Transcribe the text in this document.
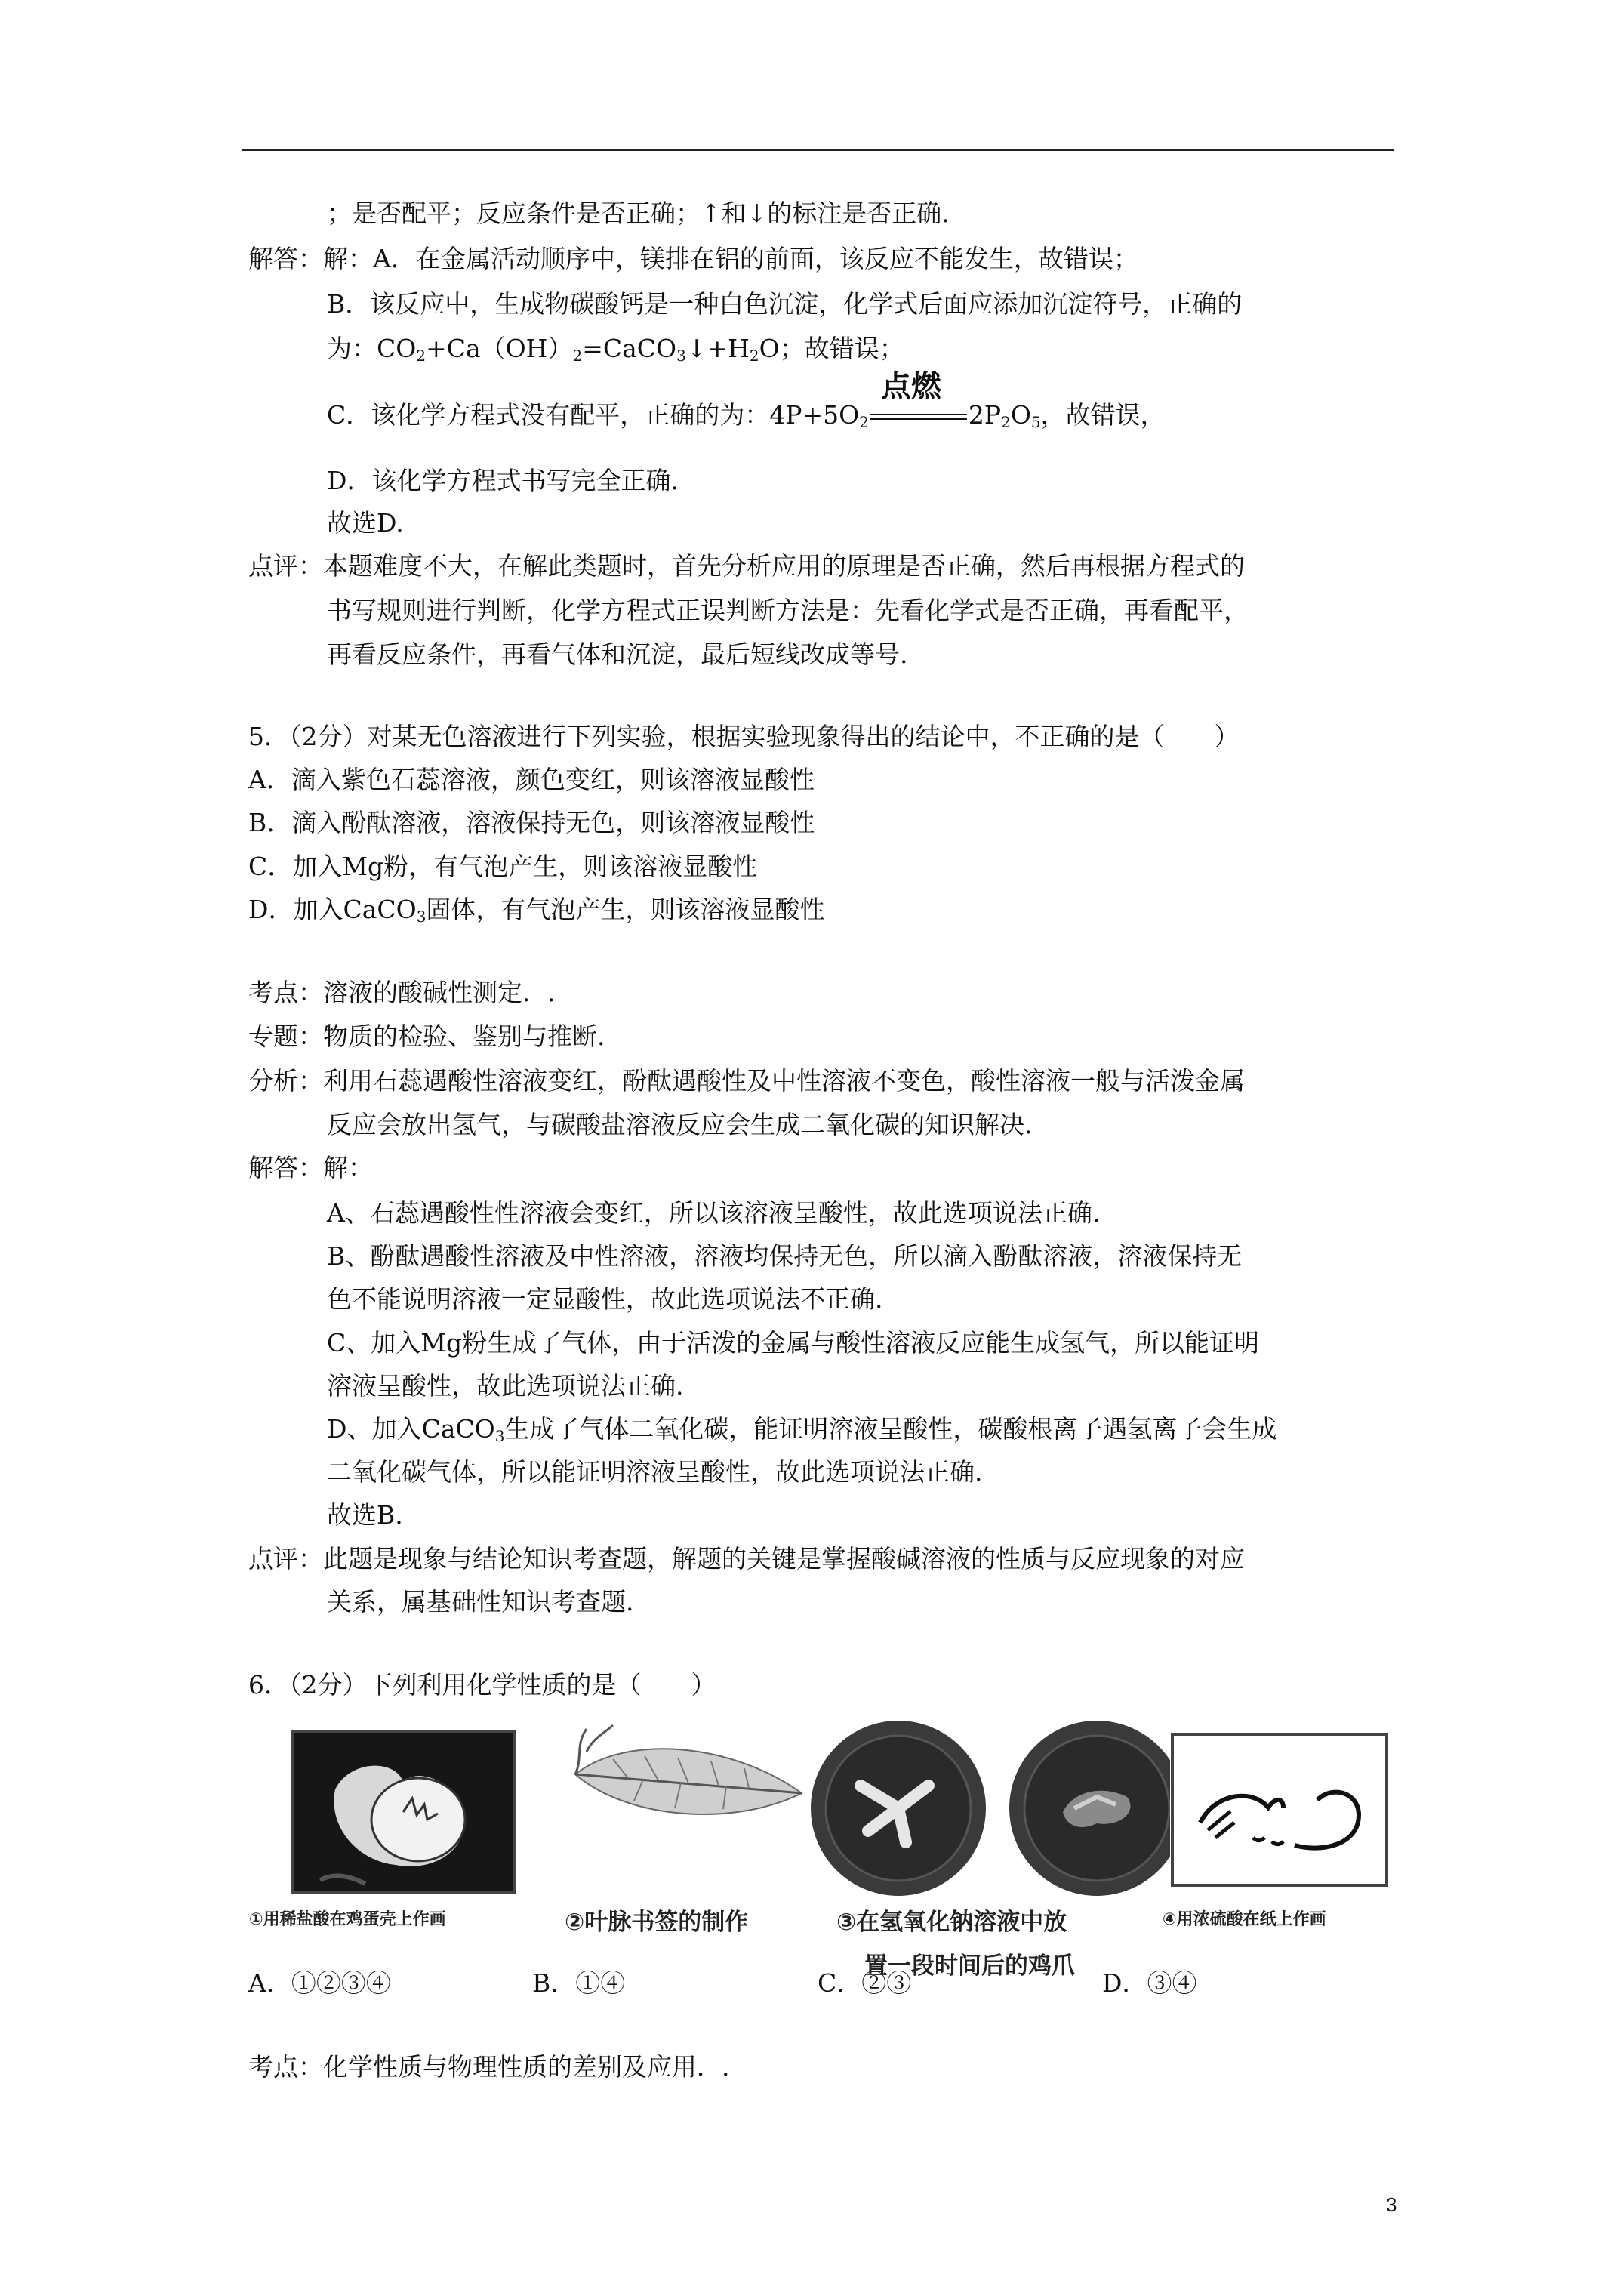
；是否配平；反应条件是否正确；↑和↓的标注是否正确.
解答：解：A．在金属活动顺序中，镁排在铝的前面，该反应不能发生，故错误；
B．该反应中，生成物碳酸钙是一种白色沉淀，化学式后面应添加沉淀符号，正确的
为：$CO_2+Ca(OH)_2=CaCO_3↓+H_2O$；故错误；
C．该化学方程式没有配平，正确的为：$4P+5O_2$
点燃
$2P_2O_5$，故错误，
D．该化学方程式书写完全正确.
故选D.
点评：本题难度不大，在解此类题时，首先分析应用的原理是否正确，然后再根据方程式的
书写规则进行判断，化学方程式正误判断方法是：先看化学式是否正确，再看配平，
再看反应条件，再看气体和沉淀，最后短线改成等号.
5．（2分）对某无色溶液进行下列实验，根据实验现象得出的结论中，不正确的是（　　）
A．滴入紫色石蕊溶液，颜色变红，则该溶液显酸性
B．滴入酚酞溶液，溶液保持无色，则该溶液显酸性
C．加入Mg粉，有气泡产生，则该溶液显酸性
D．加入CaCO$_3$固体，有气泡产生，则该溶液显酸性
考点：溶液的酸碱性测定．.
专题：物质的检验、鉴别与推断.
分析：利用石蕊遇酸性溶液变红，酚酞遇酸性及中性溶液不变色，酸性溶液一般与活泼金属
反应会放出氢气，与碳酸盐溶液反应会生成二氧化碳的知识解决.
解答：解：
A、石蕊遇酸性性溶液会变红，所以该溶液呈酸性，故此选项说法正确.
B、酚酞遇酸性溶液及中性溶液，溶液均保持无色，所以滴入酚酞溶液，溶液保持无
色不能说明溶液一定显酸性，故此选项说法不正确.
C、加入Mg粉生成了气体，由于活泼的金属与酸性溶液反应能生成氢气，所以能证明
溶液呈酸性，故此选项说法正确.
D、加入CaCO$_3$生成了气体二氧化碳，能证明溶液呈酸性，碳酸根离子遇氢离子会生成
二氧化碳气体，所以能证明溶液呈酸性，故此选项说法正确.
故选B.
点评：此题是现象与结论知识考查题，解题的关键是掌握酸碱溶液的性质与反应现象的对应
关系，属基础性知识考查题.
6．（2分）下列利用化学性质的是（　　）
①用稀盐酸在鸡蛋壳上作画	②叶脉书签的制作	③在氢氧化钠溶液中放
置一段时间后的鸡爪
④用浓硫酸在纸上作画
A．①②③④	B．①④	C．②③	D．③④
考点：化学性质与物理性质的差别及应用．.
3
